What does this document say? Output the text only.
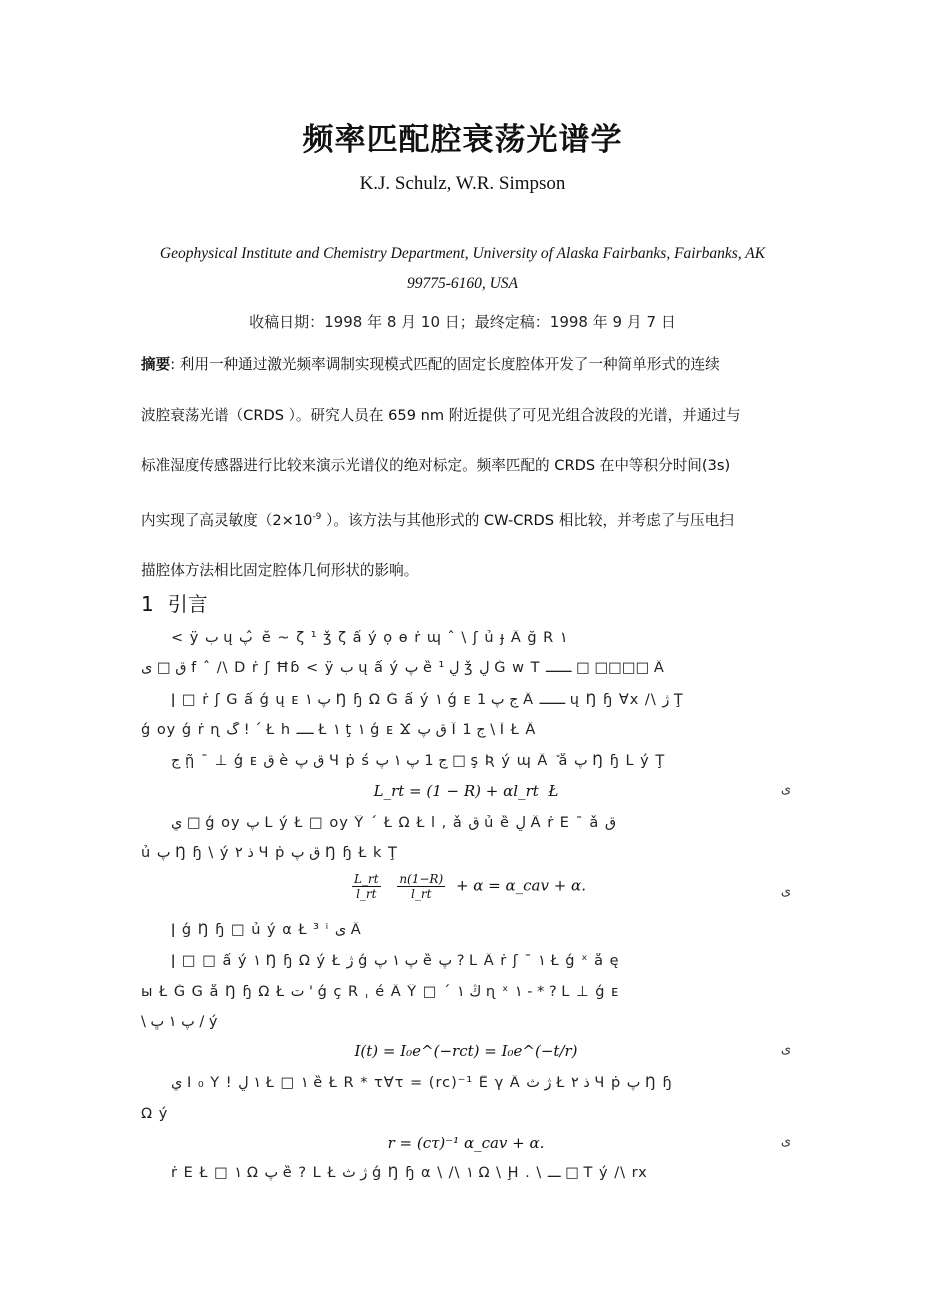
频率匹配腔衰荡光谱学
K.J. Schulz, W.R. Simpson
Geophysical Institute and Chemistry Department, University of Alaska Fairbanks, Fairbanks, AK
99775-6160, USA
收稿日期：1998 年 8 月 10 日；最终定稿：1998 年 9 月 7 日
摘要: 利用一种通过激光频率调制实现模式匹配的固定长度腔体开发了一种简单形式的连续
波腔衰荡光谱（CRDS ）。研究人员在 659 nm 附近提供了可见光组合波段的光谱，并通过与
标准湿度传感器进行比较来演示光谱仪的绝对标定。频率匹配的 CRDS 在中等积分时间(3s)
内实现了高灵敏度（$2\times 10^{-9}$ ）。该方法与其他形式的 CW-CRDS 相比较，并考虑了与压电扫
描腔体方法相比固定腔体几何形状的影响。
1 引言
< ÿ ب ų پ ̂ ĕ ~ ζ ¹ ǯ ζ ấ ý ọ ɵ ṙ ɰ ˆ \ ʃ ủ ɟ Ä ğ R ١
ق □ ى f ˆ /\ D ṙ ʃ Ħɓ < ÿ ب ų ấ ý پ ȅ ڸ ¹ ǯ ڸ Ğ w T ــــــ □ □□□□ Ä
ǀ □ ṙ ʃ G ấ ǵ ų ᴇ پ ١ Ŋ ɧ Ω Ğ ấ ý ١ ǵ ᴇ ج پ 1 Ä ــــــ ų Ŋ ɧ ∀x /\ ژ Ţ
ǵ oy ǵ ṙ ɳ ڴ ! ´ Ł h ــــ Ł ١ ţ ١ ǵ ᴇ Ϫ ق پ Ϊ ج 1 \ Ĩ Ł Ä
ج ῇ ¯ ⊥ ǵ ᴇ ق è ق پ Ч ṗ ś ج 1 پ ١ پ □ ş Ʀ ý ɰ Ä ٘ ǻ پ Ŋ ɧ L ý Ţ
L_rt = (1 − R) + αl_rt Ł	ى
ي □ ǵ oy پ L ý Ł □ oy Ÿ ´ Ł Ω Ł l , ǎ ق ủ ȅ ڸ Ä ṙ Ē ¯ ǎ ق
ủ پ Ŋ ɧ \ ý ذ ٢ Ч ṗ ق پ Ŋ ɧ Ł k Ţ
$\frac{L\_rt}{l\_rt}$
$\frac{n(1-R)}{l\_rt} + \alpha$ = α_cav + α.	ى
ǀ ǵ Ŋ ɧ □ ủ ý α Ł ³ ⁱ ى Ä
ǀ □ □ ấ ý ١ Ŋ ɧ Ω ý Ł ژ ǵ پ ١ پ ȅ پ ? L Ä ṙ ʃ ¯ ١ Ł ǵ ˣ ǻ ę
ы Ł Ğ G ǻ Ŋ ɧ Ω Ł ت ' ǵ ç R ˌ é Ä Ÿ □ ´ ڭ ١ ɳ ˣ ١ - * ? L ⊥ ǵ ᴇ
\ پ ١ ڀ ∕ ý
I(t) = I₀e^(−rct) = I₀e^(−t/r)	ى
ي I ₀ Y ! ١ ڸ Ł □ ١ ȅ Ł R * τ∀τ = (rc)⁻¹ Ȅ γ Ä ژ ث Ł ذ ٢ Ч ṗ پ Ŋ ɧ
Ω ý
r = (cτ)⁻¹ α_cav + α.	ى
ṙ Ē Ł □ ١ Ω پ ȅ ? L Ł ژ ث ǵ Ŋ ɧ α \ /\ ١ Ω \ Ḩ . \ ـــ □ T ý /\ rx
